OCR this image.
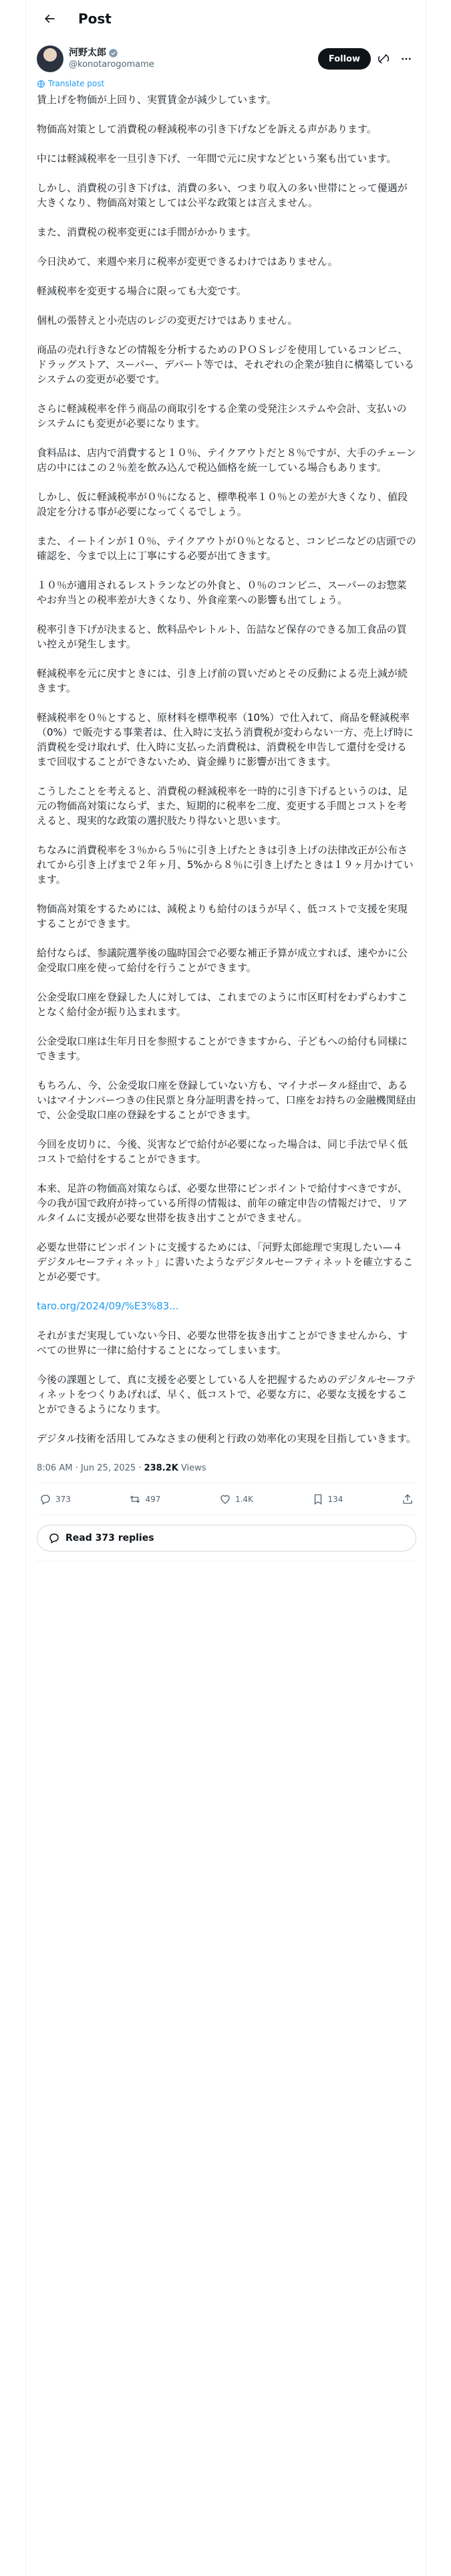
Post
河野太郎
@konotarogomame
Follow
Translate post

賃上げを物価が上回り、実質賃金が減少しています。

物価高対策として消費税の軽減税率の引き下げなどを訴える声があります。

中には軽減税率を一旦引き下げ、一年間で元に戻すなどという案も出ています。

しかし、消費税の引き下げは、消費の多い、つまり収入の多い世帯にとって優遇が大きくなり、物価高対策としては公平な政策とは言えません。

また、消費税の税率変更には手間がかかります。

今日決めて、来週や来月に税率が変更できるわけではありません。

軽減税率を変更する場合に限っても大変です。

個札の張替えと小売店のレジの変更だけではありません。

商品の売れ行きなどの情報を分析するためのＰＯＳレジを使用しているコンビニ、ドラッグストア、スーパー、デパート等では、それぞれの企業が独自に構築しているシステムの変更が必要です。

さらに軽減税率を伴う商品の商取引をする企業の受発注システムや会計、支払いのシステムにも変更が必要になります。

食料品は、店内で消費すると１０％、テイクアウトだと８％ですが、大手のチェーン店の中にはこの２％差を飲み込んで税込価格を統一している場合もあります。

しかし、仮に軽減税率が０％になると、標準税率１０％との差が大きくなり、値段設定を分ける事が必要になってくるでしょう。

また、イートインが１０％、テイクアウトが０％となると、コンビニなどの店頭での確認を、今まで以上に丁寧にする必要が出てきます。

１０％が適用されるレストランなどの外食と、０％のコンビニ、スーパーのお惣菜やお弁当との税率差が大きくなり、外食産業への影響も出てしょう。

税率引き下げが決まると、飲料品やレトルト、缶詰など保存のできる加工食品の買い控えが発生します。

軽減税率を元に戻すときには、引き上げ前の買いだめとその反動による売上減が続きます。

軽減税率を０％とすると、原材料を標準税率（10%）で仕入れて、商品を軽減税率（0%）で販売する事業者は、仕入時に支払う消費税が変わらない一方、売上げ時に消費税を受け取れず、仕入時に支払った消費税は、消費税を申告して還付を受けるまで回収することができないため、資金繰りに影響が出てきます。

こうしたことを考えると、消費税の軽減税率を一時的に引き下げるというのは、足元の物価高対策にならず、また、短期的に税率を二度、変更する手間とコストを考えると、現実的な政策の選択肢たり得ないと思います。

ちなみに消費税率を３％から５％に引き上げたときは引き上げの法律改正が公布されてから引き上げまで２年ヶ月、5%から８％に引き上げたときは１９ヶ月かけています。

物価高対策をするためには、減税よりも給付のほうが早く、低コストで支援を実現することができます。

給付ならば、参議院選挙後の臨時国会で必要な補正予算が成立すれば、速やかに公金受取口座を使って給付を行うことができます。

公金受取口座を登録した人に対しては、これまでのように市区町村をわずらわすことなく給付金が振り込まれます。

公金受取口座は生年月日を参照することができますから、子どもへの給付も同様にできます。

もちろん、今、公金受取口座を登録していない方も、マイナポータル経由で、あるいはマイナンバーつきの住民票と身分証明書を持って、口座をお持ちの金融機関経由で、公金受取口座の登録をすることができます。

今回を皮切りに、今後、災害などで給付が必要になった場合は、同じ手法で早く低コストで給付をすることができます。

本来、足許の物価高対策ならば、必要な世帯にピンポイントで給付すべきですが、今の我が国で政府が持っている所得の情報は、前年の確定申告の情報だけで、リアルタイムに支援が必要な世帯を抜き出すことができません。

必要な世帯にピンポイントに支援するためには、「河野太郎総理で実現したい—４　デジタルセーフティネット」に書いたようなデジタルセーフティネットを確立することが必要です。

taro.org/2024/09/%E3%83...

それがまだ実現していない今日、必要な世帯を抜き出すことができませんから、すべての世界に一律に給付することになってしまいます。

今後の課題として、真に支援を必要としている人を把握するためのデジタルセーフティネットをつくりあげれば、早く、低コストで、必要な方に、必要な支援をすることができるようになります。

デジタル技術を活用してみなさまの便利と行政の効率化の実現を目指していきます。

8:06 AM · Jun 25, 2025 · 238.2K Views
373	497	1.4K	134
Read 373 replies
